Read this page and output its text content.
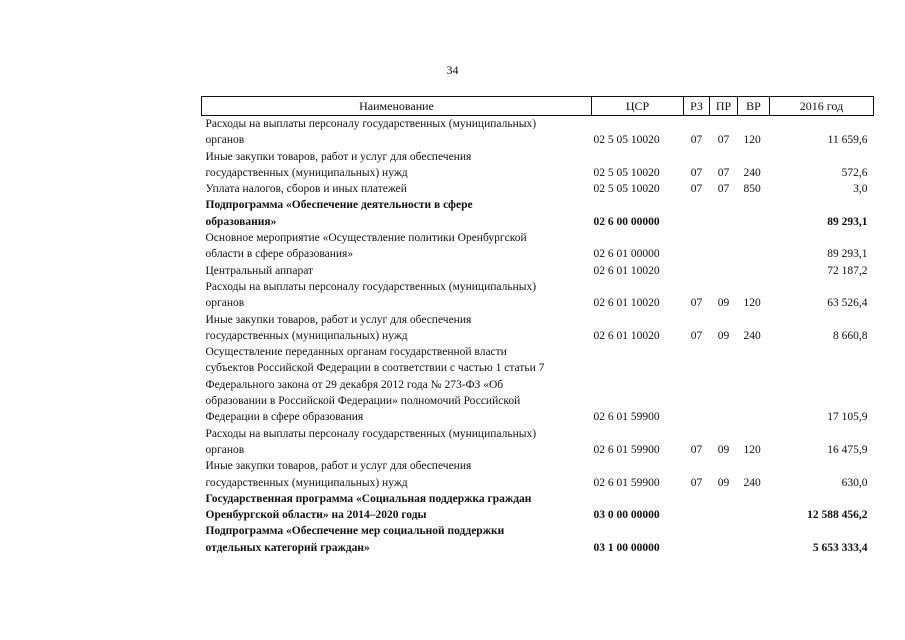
34
Наименование	ЦСР	РЗ	ПР	ВР	2016 год

Расходы на выплаты персоналу государственных (муниципальных)
органов	02 5 05 10020	07	07	120	11 659,6

Иные закупки товаров, работ и услуг для обеспечения
государственных (муниципальных) нужд	02 5 05 10020	07	07	240	572,6

Уплата налогов, сборов и иных платежей	02 5 05 10020	07	07	850	3,0

Подпрограмма «Обеспечение деятельности в сфере
образования»	02 6 00 00000				89 293,1

Основное мероприятие «Осуществление политики Оренбургской
области в сфере образования»	02 6 01 00000				89 293,1

Центральный аппарат	02 6 01 10020				72 187,2

Расходы на выплаты персоналу государственных (муниципальных)
органов	02 6 01 10020	07	09	120	63 526,4

Иные закупки товаров, работ и услуг для обеспечения
государственных (муниципальных) нужд	02 6 01 10020	07	09	240	8 660,8

Осуществление переданных органам государственной власти
субъектов Российской Федерации в соответствии с частью 1 статьи 7
Федерального закона от 29 декабря 2012 года № 273-ФЗ «Об
образовании в Российской Федерации» полномочий Российской
Федерации в сфере образования	02 6 01 59900				17 105,9

Расходы на выплаты персоналу государственных (муниципальных)
органов	02 6 01 59900	07	09	120	16 475,9

Иные закупки товаров, работ и услуг для обеспечения
государственных (муниципальных) нужд	02 6 01 59900	07	09	240	630,0

Государственная программа «Социальная поддержка граждан
Оренбургской области» на 2014–2020 годы	03 0 00 00000				12 588 456,2

Подпрограмма «Обеспечение мер социальной поддержки
отдельных категорий граждан»	03 1 00 00000				5 653 333,4
